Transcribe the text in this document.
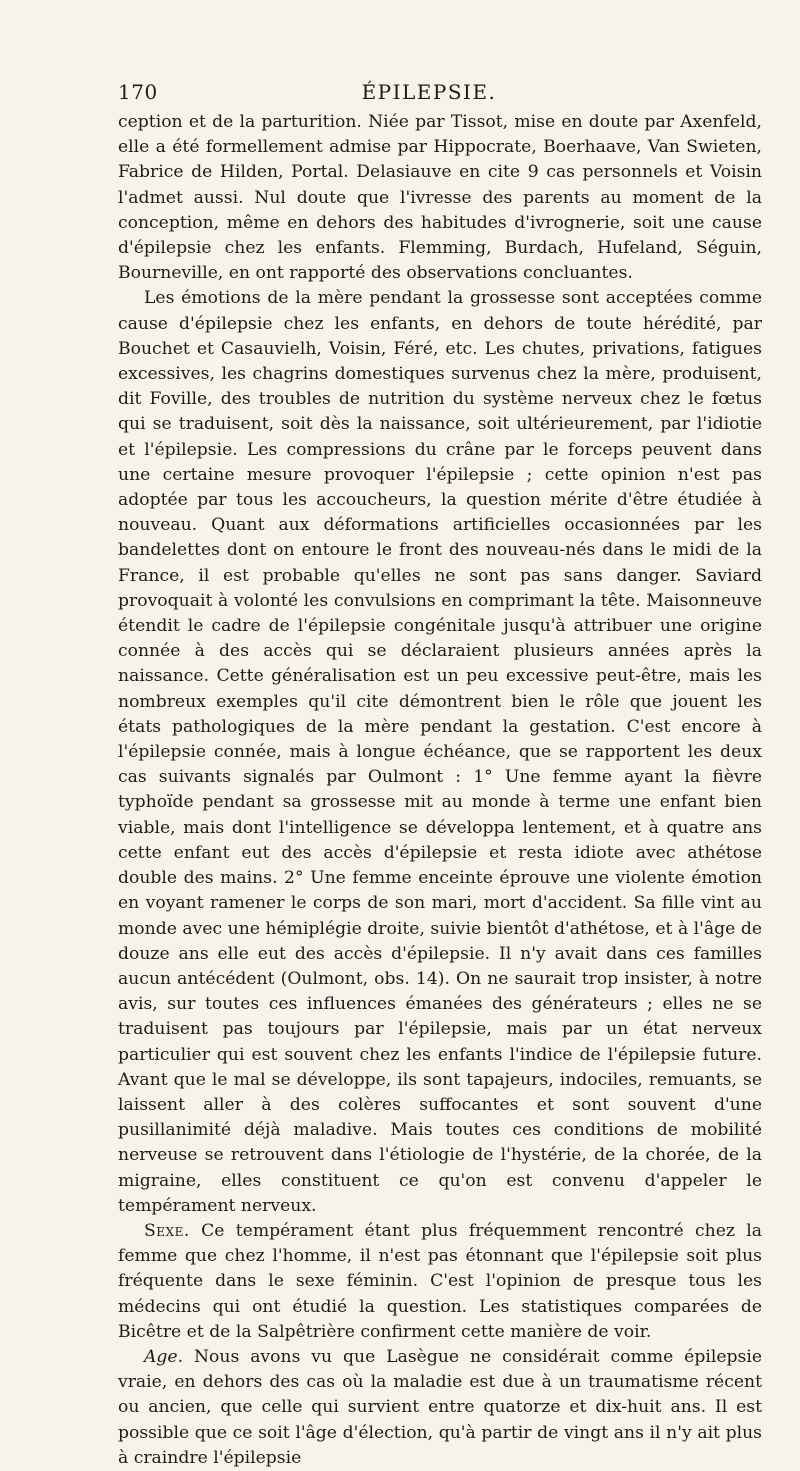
170	ÉPILEPSIE.

ception et de la parturition. Niée par Tissot, mise en doute par Axenfeld, elle a été formellement admise par Hippocrate, Boerhaave, Van Swieten, Fabrice de Hilden, Portal. Delasiauve en cite 9 cas personnels et Voisin l'admet aussi. Nul doute que l'ivresse des parents au moment de la conception, même en dehors des habitudes d'ivrognerie, soit une cause d'épilepsie chez les enfants. Flemming, Burdach, Hufeland, Séguin, Bourneville, en ont rapporté des observations concluantes.

Les émotions de la mère pendant la grossesse sont acceptées comme cause d'épilepsie chez les enfants, en dehors de toute hérédité, par Bouchet et Casauvielh, Voisin, Féré, etc. Les chutes, privations, fatigues excessives, les chagrins domestiques survenus chez la mère, produisent, dit Foville, des troubles de nutrition du système nerveux chez le fœtus qui se traduisent, soit dès la naissance, soit ultérieurement, par l'idiotie et l'épilepsie. Les compressions du crâne par le forceps peuvent dans une certaine mesure provoquer l'épilepsie ; cette opinion n'est pas adoptée par tous les accoucheurs, la question mérite d'être étudiée à nouveau. Quant aux déformations artificielles occasionnées par les bandelettes dont on entoure le front des nouveau-nés dans le midi de la France, il est probable qu'elles ne sont pas sans danger. Saviard provoquait à volonté les convulsions en comprimant la tête. Maisonneuve étendit le cadre de l'épilepsie congénitale jusqu'à attribuer une origine connée à des accès qui se déclaraient plusieurs années après la naissance. Cette généralisation est un peu excessive peut-être, mais les nombreux exemples qu'il cite démontrent bien le rôle que jouent les états pathologiques de la mère pendant la gestation. C'est encore à l'épilepsie connée, mais à longue échéance, que se rapportent les deux cas suivants signalés par Oulmont : 1° Une femme ayant la fièvre typhoïde pendant sa grossesse mit au monde à terme une enfant bien viable, mais dont l'intelligence se développa lentement, et à quatre ans cette enfant eut des accès d'épilepsie et resta idiote avec athétose double des mains. 2° Une femme enceinte éprouve une violente émotion en voyant ramener le corps de son mari, mort d'accident. Sa fille vint au monde avec une hémiplégie droite, suivie bientôt d'athétose, et à l'âge de douze ans elle eut des accès d'épilepsie. Il n'y avait dans ces familles aucun antécédent (Oulmont, obs. 14). On ne saurait trop insister, à notre avis, sur toutes ces influences émanées des générateurs ; elles ne se traduisent pas toujours par l'épilepsie, mais par un état nerveux particulier qui est souvent chez les enfants l'indice de l'épilepsie future. Avant que le mal se développe, ils sont tapajeurs, indociles, remuants, se laissent aller à des colères suffocantes et sont souvent d'une pusillanimité déjà maladive. Mais toutes ces conditions de mobilité nerveuse se retrouvent dans l'étiologie de l'hystérie, de la chorée, de la migraine, elles constituent ce qu'on est convenu d'appeler le tempérament nerveux.

Sexe. Ce tempérament étant plus fréquemment rencontré chez la femme que chez l'homme, il n'est pas étonnant que l'épilepsie soit plus fréquente dans le sexe féminin. C'est l'opinion de presque tous les médecins qui ont étudié la question. Les statistiques comparées de Bicêtre et de la Salpêtrière confirment cette manière de voir.

Age. Nous avons vu que Lasègue ne considérait comme épilepsie vraie, en dehors des cas où la maladie est due à un traumatisme récent ou ancien, que celle qui survient entre quatorze et dix-huit ans. Il est possible que ce soit l'âge d'élection, qu'à partir de vingt ans il n'y ait plus à craindre l'épilepsie
